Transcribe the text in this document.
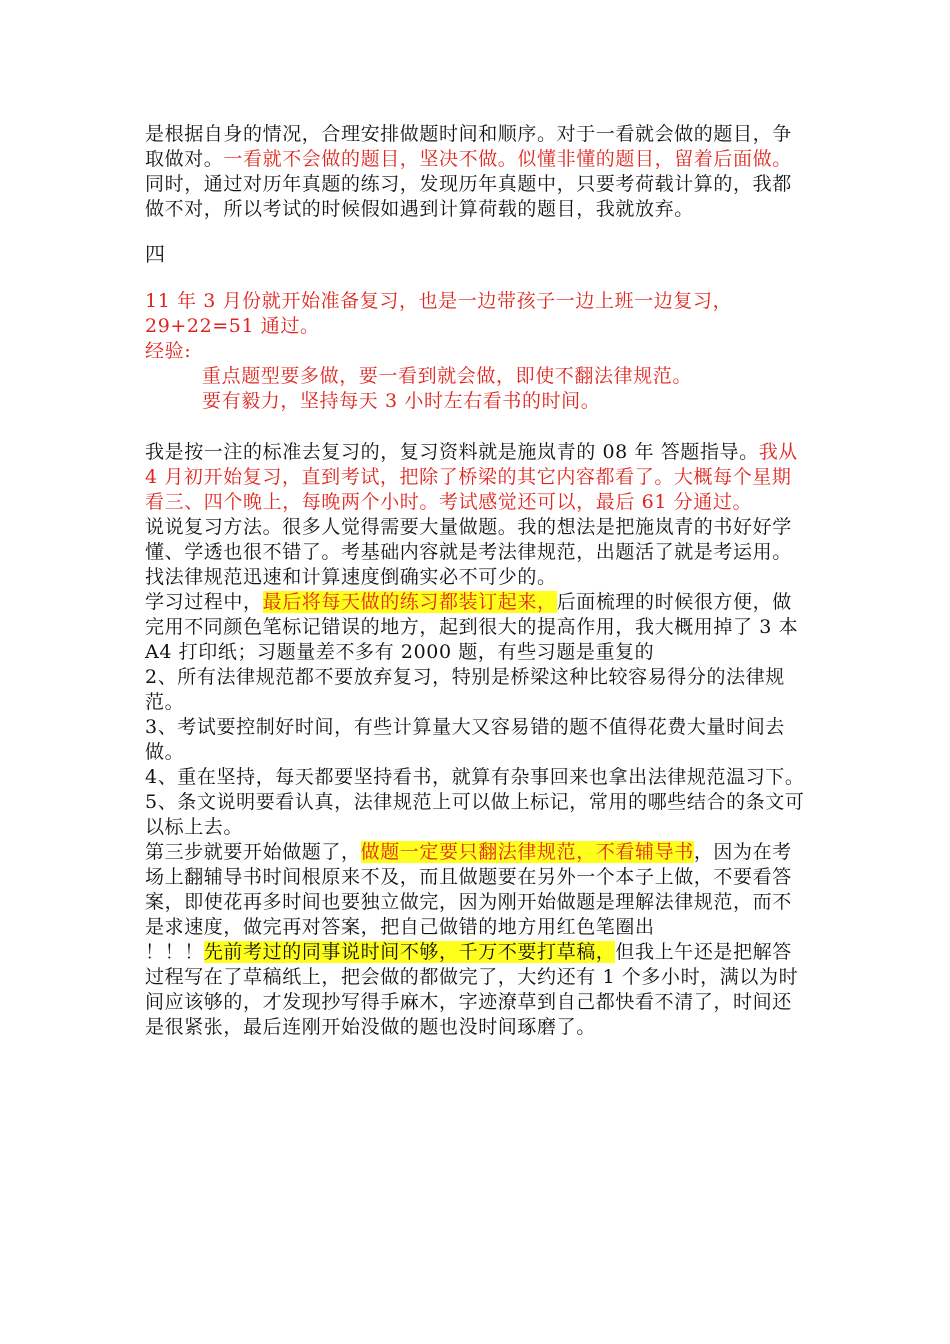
是根据自身的情况，合理安排做题时间和顺序。对于一看就会做的题目，争取做对。一看就不会做的题目，坚决不做。似懂非懂的题目，留着后面做。

同时，通过对历年真题的练习，发现历年真题中，只要考荷载计算的，我都做不对，所以考试的时候假如遇到计算荷载的题目，我就放弃。

四

11 年 3 月份就开始准备复习，也是一边带孩子一边上班一边复习，29+22=51 通过。

经验:

重点题型要多做，要一看到就会做，即使不翻法律规范。

要有毅力，坚持每天 3 小时左右看书的时间。

我是按一注的标准去复习的，复习资料就是施岚青的 08 年 答题指导。我从 4 月初开始复习，直到考试，把除了桥梁的其它内容都看了。大概每个星期看三、四个晚上，每晚两个小时。考试感觉还可以，最后 61 分通过。

说说复习方法。很多人觉得需要大量做题。我的想法是把施岚青的书好好学懂、学透也很不错了。考基础内容就是考法律规范，出题活了就是考运用。找法律规范迅速和计算速度倒确实必不可少的。

学习过程中，最后将每天做的练习都装订起来，后面梳理的时候很方便，做完用不同颜色笔标记错误的地方，起到很大的提高作用，我大概用掉了 3 本 A4 打印纸；习题量差不多有 2000 题，有些习题是重复的

2、所有法律规范都不要放弃复习，特别是桥梁这种比较容易得分的法律规范。

3、考试要控制好时间，有些计算量大又容易错的题不值得花费大量时间去做。

4、重在坚持，每天都要坚持看书，就算有杂事回来也拿出法律规范温习下。

5、条文说明要看认真，法律规范上可以做上标记，常用的哪些结合的条文可以标上去。

第三步就要开始做题了，做题一定要只翻法律规范，不看辅导书，因为在考场上翻辅导书时间根原来不及，而且做题要在另外一个本子上做，不要看答案，即使花再多时间也要独立做完，因为刚开始做题是理解法律规范，而不是求速度，做完再对答案，把自己做错的地方用红色笔圈出

！！！先前考过的同事说时间不够，千万不要打草稿，但我上午还是把解答过程写在了草稿纸上，把会做的都做完了，大约还有 1 个多小时，满以为时间应该够的，才发现抄写得手麻木，字迹潦草到自己都快看不清了，时间还是很紧张，最后连刚开始没做的题也没时间琢磨了。
